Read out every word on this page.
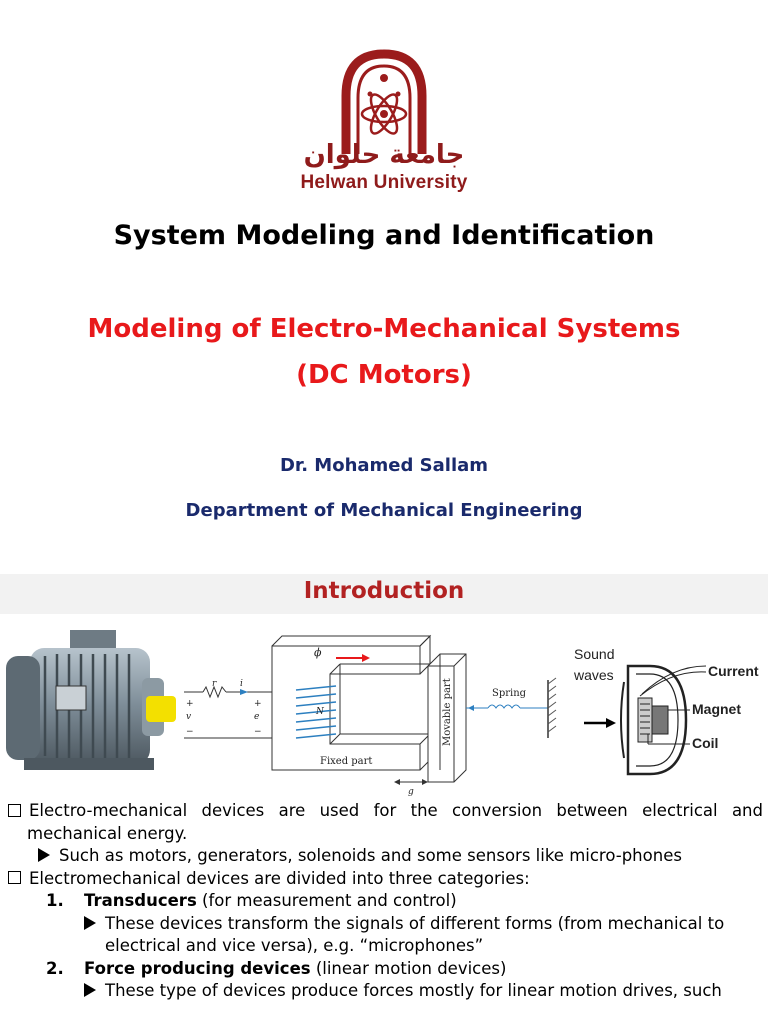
جامعة حلوان
Helwan University
System Modeling and Identification
Modeling of Electro-Mechanical Systems
(DC Motors)
Dr. Mohamed Sallam
Department of Mechanical Engineering
Introduction
r	i
+
v
−
+
e
−
ϕ
N
g
Fixed part
Movable part	Spring
Sound
waves	Current
Magnet
Coil
Electro-mechanical devices are used for the conversion between electrical and
mechanical energy.
Such as motors, generators, solenoids and some sensors like micro-phones
Electromechanical devices are divided into three categories:
1. Transducers (for measurement and control)
These devices transform the signals of different forms (from mechanical to
electrical and vice versa), e.g. “microphones”
2. Force producing devices (linear motion devices)
These type of devices produce forces mostly for linear motion drives, such
